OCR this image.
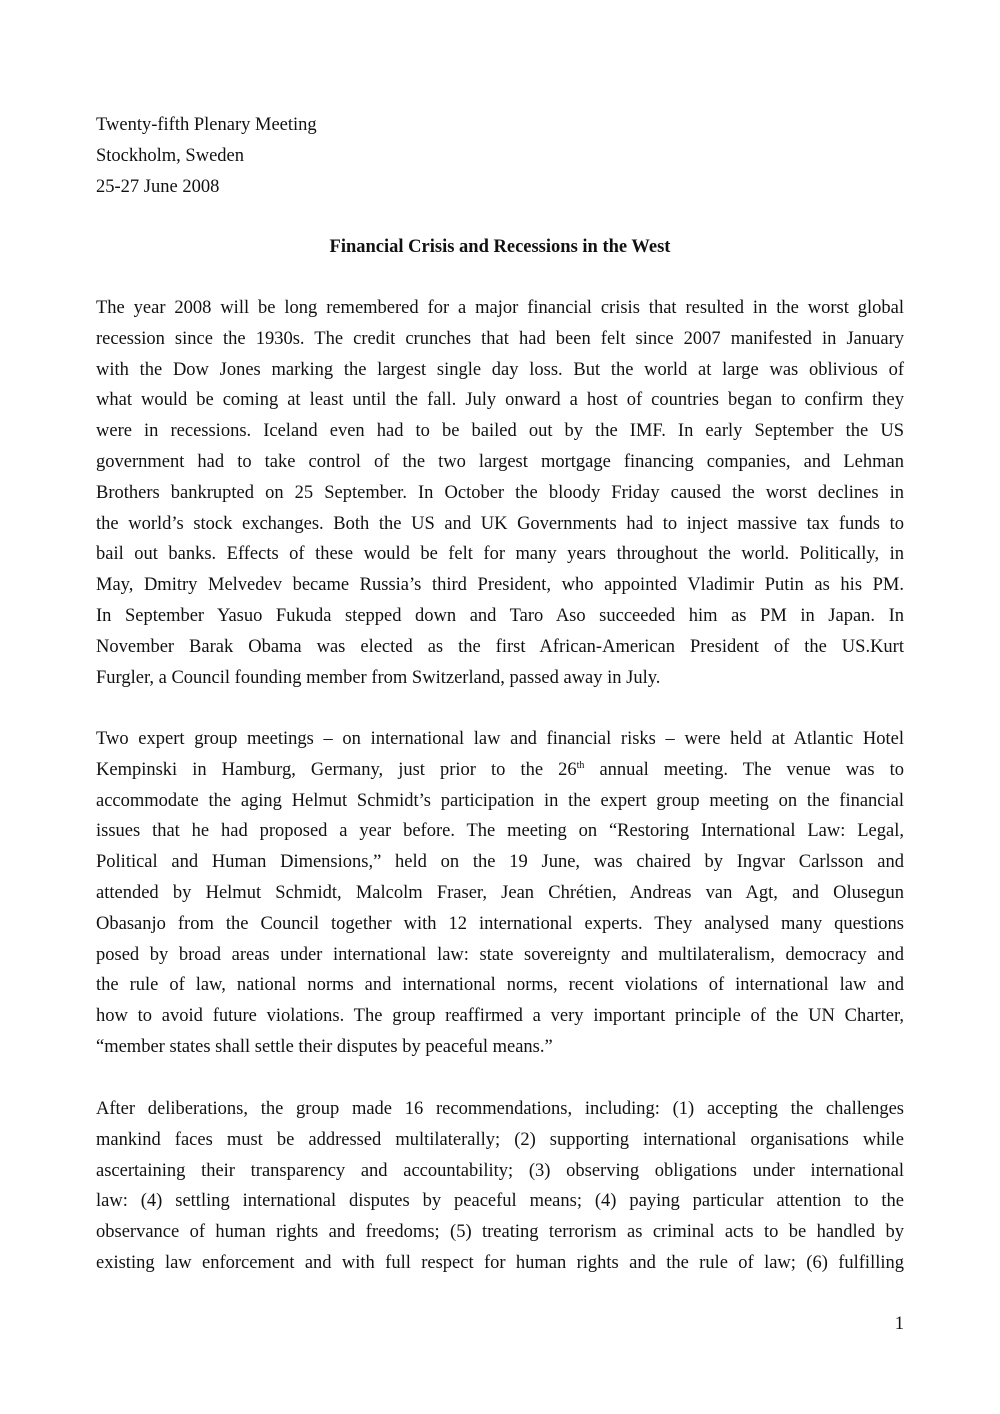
Twenty-fifth Plenary Meeting
Stockholm, Sweden
25-27 June 2008
Financial Crisis and Recessions in the West
The year 2008 will be long remembered for a major financial crisis that resulted in the worst global
recession since the 1930s. The credit crunches that had been felt since 2007 manifested in January
with the Dow Jones marking the largest single day loss. But the world at large was oblivious of
what would be coming at least until the fall. July onward a host of countries began to confirm they
were in recessions. Iceland even had to be bailed out by the IMF. In early September the US
government had to take control of the two largest mortgage financing companies, and Lehman
Brothers bankrupted on 25 September. In October the bloody Friday caused the worst declines in
the world’s stock exchanges. Both the US and UK Governments had to inject massive tax funds to
bail out banks. Effects of these would be felt for many years throughout the world. Politically, in
May, Dmitry Melvedev became Russia’s third President, who appointed Vladimir Putin as his PM.
In September Yasuo Fukuda stepped down and Taro Aso succeeded him as PM in Japan. In
November Barak Obama was elected as the first African-American President of the US.Kurt
Furgler, a Council founding member from Switzerland, passed away in July.
Two expert group meetings – on international law and financial risks – were held at Atlantic Hotel
Kempinski in Hamburg, Germany, just prior to the 26th annual meeting. The venue was to
accommodate the aging Helmut Schmidt’s participation in the expert group meeting on the financial
issues that he had proposed a year before. The meeting on “Restoring International Law: Legal,
Political and Human Dimensions,” held on the 19 June, was chaired by Ingvar Carlsson and
attended by Helmut Schmidt, Malcolm Fraser, Jean Chrétien, Andreas van Agt, and Olusegun
Obasanjo from the Council together with 12 international experts. They analysed many questions
posed by broad areas under international law: state sovereignty and multilateralism, democracy and
the rule of law, national norms and international norms, recent violations of international law and
how to avoid future violations. The group reaffirmed a very important principle of the UN Charter,
“member states shall settle their disputes by peaceful means.”
After deliberations, the group made 16 recommendations, including: (1) accepting the challenges
mankind faces must be addressed multilaterally; (2) supporting international organisations while
ascertaining their transparency and accountability; (3) observing obligations under international
law: (4) settling international disputes by peaceful means; (4) paying particular attention to the
observance of human rights and freedoms; (5) treating terrorism as criminal acts to be handled by
existing law enforcement and with full respect for human rights and the rule of law; (6) fulfilling
1
